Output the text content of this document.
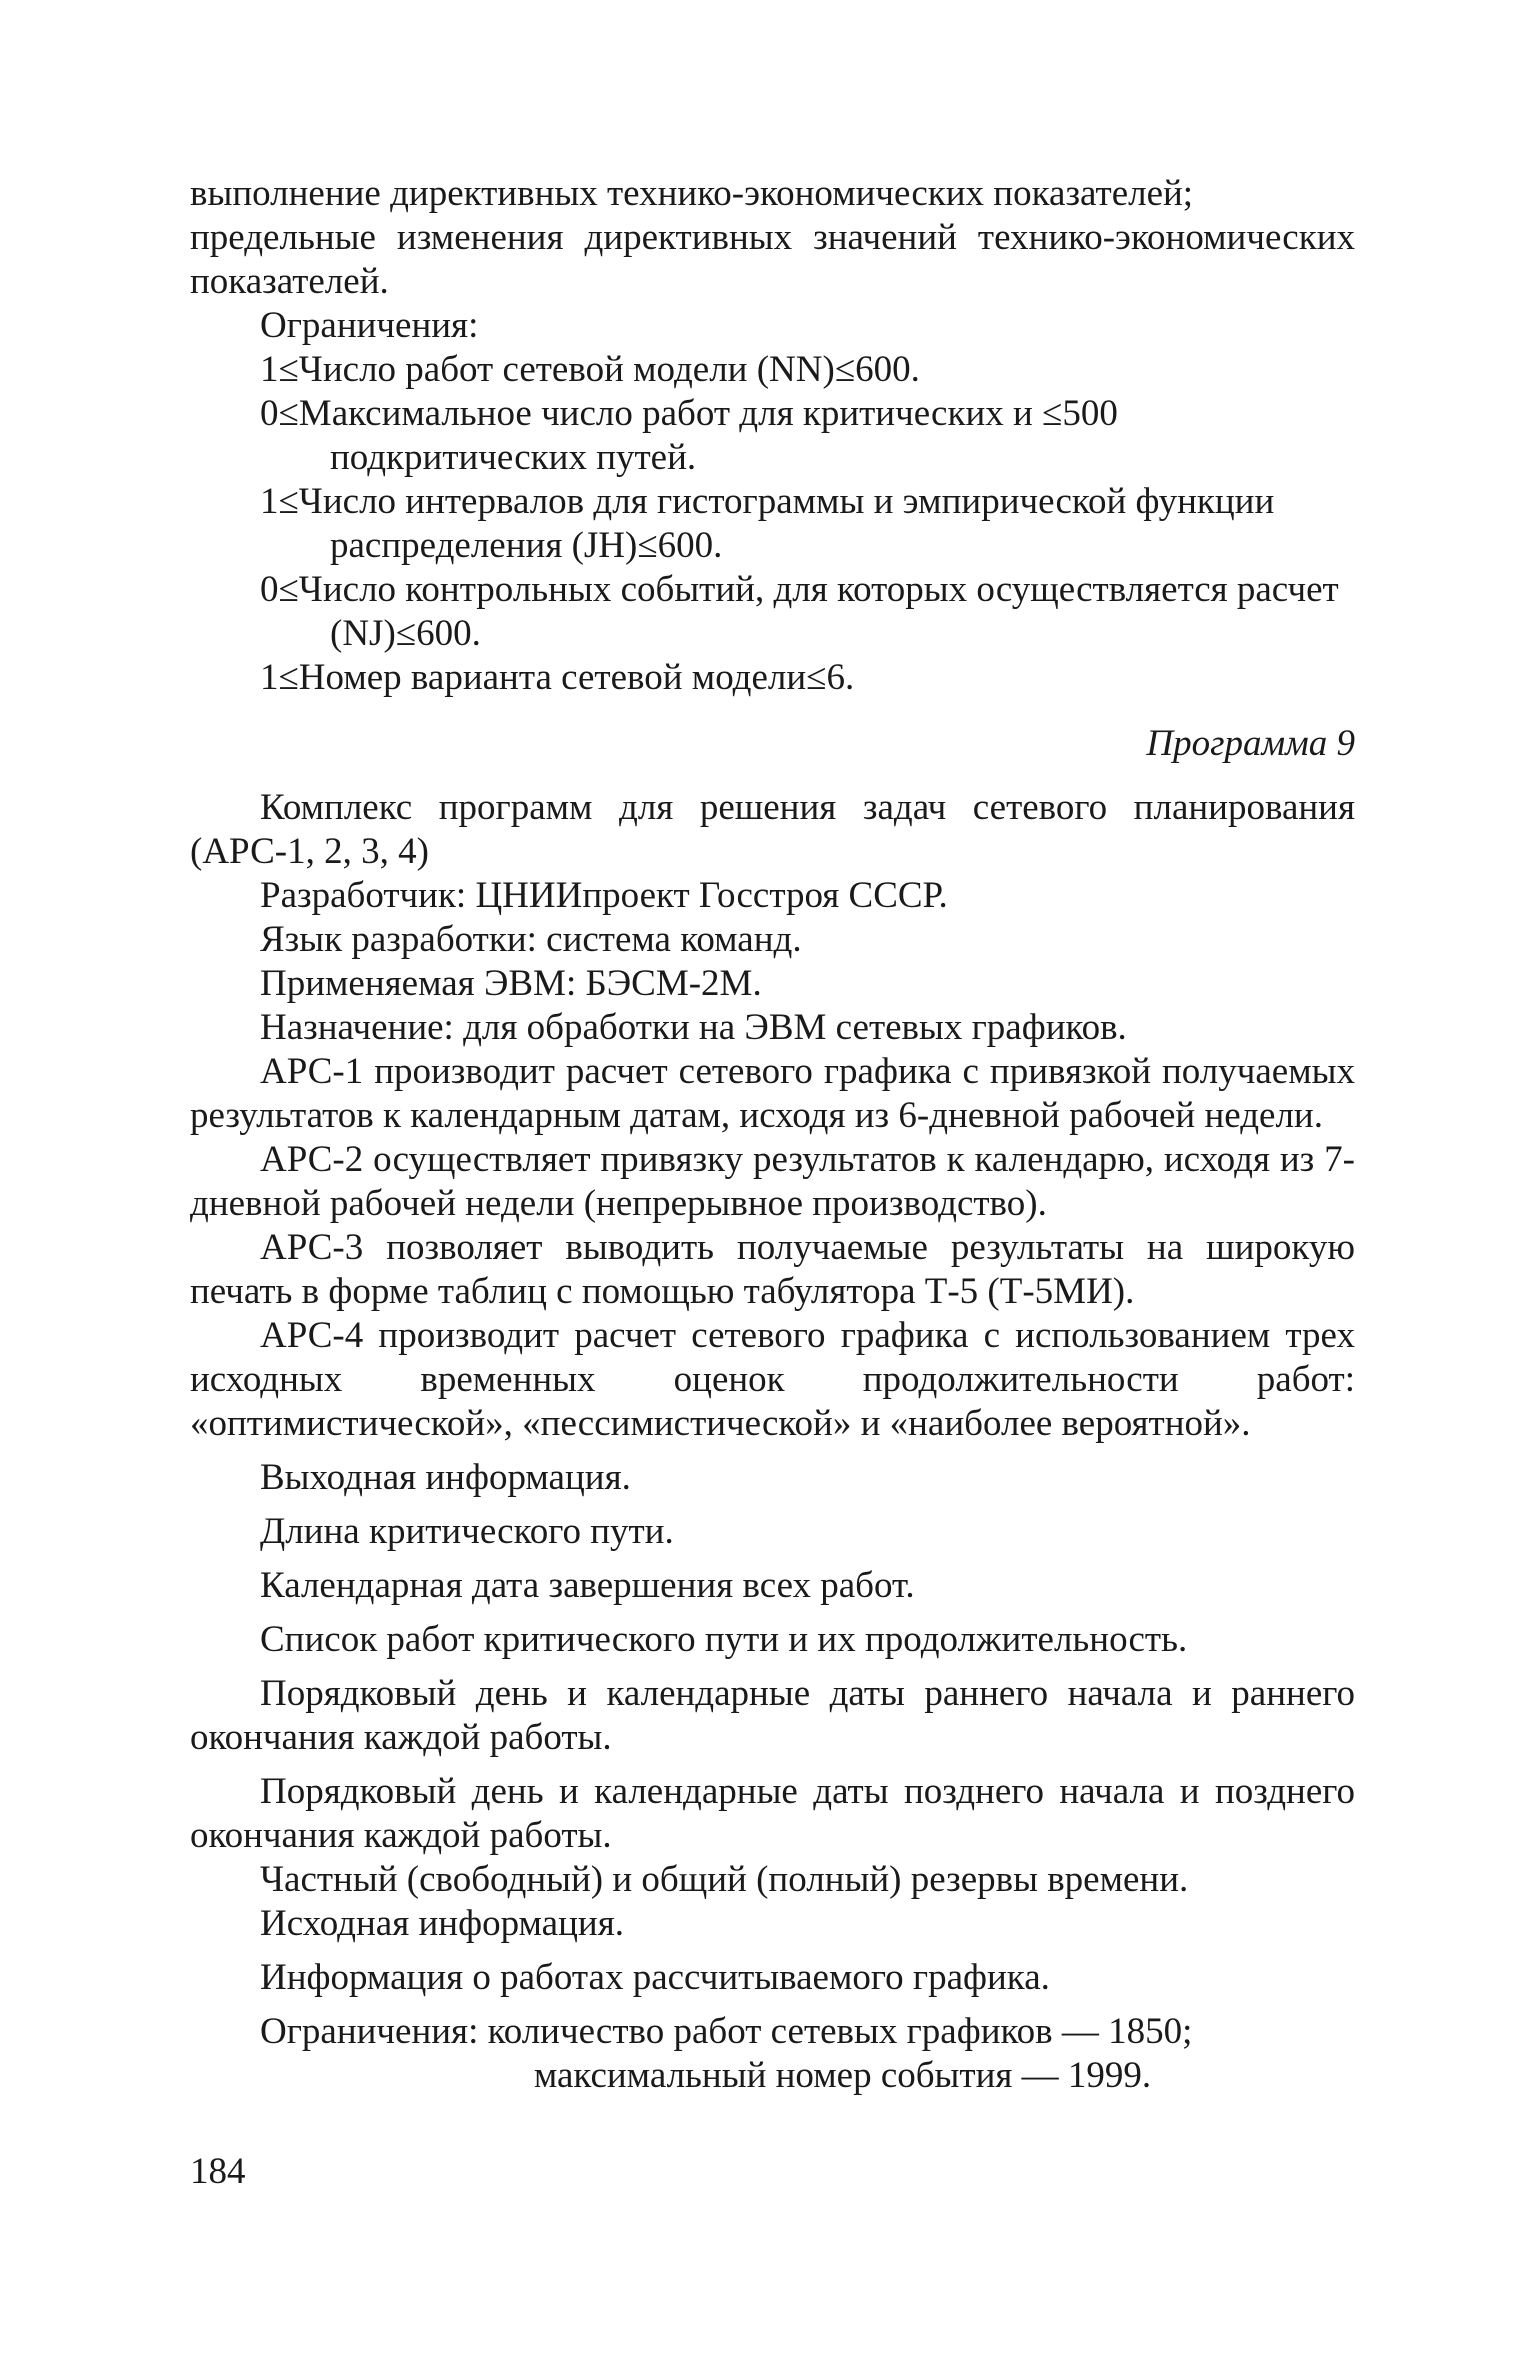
выполнение директивных технико-экономических показателей;

предельные изменения директивных значений технико-экономических показателей.

Ограничения:

1≤Число работ сетевой модели (NN)≤600.
0≤Максимальное число работ для критических и ≤500 подкритических путей.
1≤Число интервалов для гистограммы и эмпирической функции распределения (JH)≤600.
0≤Число контрольных событий, для которых осуществляется расчет (NJ)≤600.
1≤Номер варианта сетевой модели≤6.

Программа 9

Комплекс программ для решения задач сетевого планирования (АРС-1, 2, 3, 4)

Разработчик: ЦНИИпроект Госстроя СССР.

Язык разработки: система команд.

Применяемая ЭВМ: БЭСМ-2М.

Назначение: для обработки на ЭВМ сетевых графиков.

АРС-1 производит расчет сетевого графика с привязкой получаемых результатов к календарным датам, исходя из 6-дневной рабочей недели.

АРС-2 осуществляет привязку результатов к календарю, исходя из 7-дневной рабочей недели (непрерывное производство).

АРС-3 позволяет выводить получаемые результаты на широкую печать в форме таблиц с помощью табулятора Т-5 (Т-5МИ).

АРС-4 производит расчет сетевого графика с использованием трех исходных временных оценок продолжительности работ: «оптимистической», «пессимистической» и «наиболее вероятной».

Выходная информация.

Длина критического пути.

Календарная дата завершения всех работ.

Список работ критического пути и их продолжительность.

Порядковый день и календарные даты раннего начала и раннего окончания каждой работы.

Порядковый день и календарные даты позднего начала и позднего окончания каждой работы.

Частный (свободный) и общий (полный) резервы времени.

Исходная информация.

Информация о работах рассчитываемого графика.

Ограничения: количество работ сетевых графиков — 1850;

максимальный номер события — 1999.

184
